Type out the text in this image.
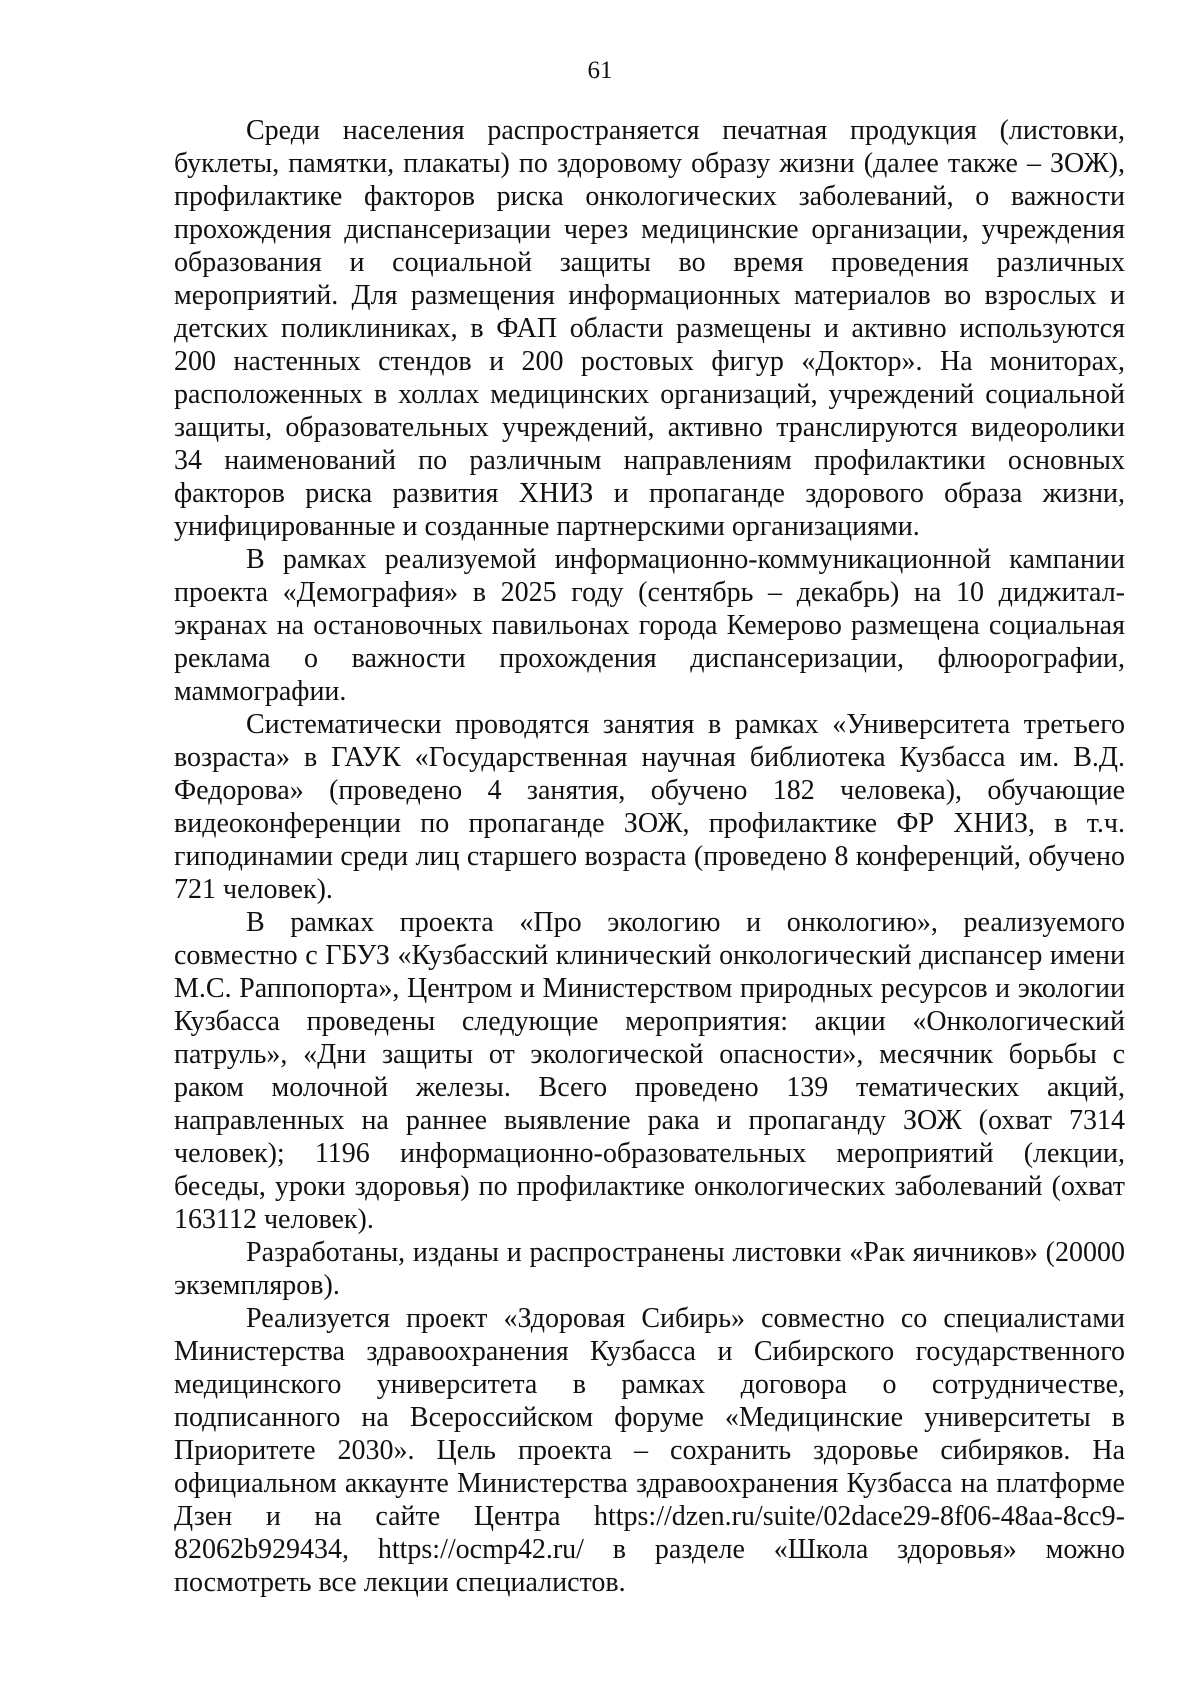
61

Среди населения распространяется печатная продукция (листовки, буклеты, памятки, плакаты) по здоровому образу жизни (далее также – ЗОЖ), профилактике факторов риска онкологических заболеваний, о важности прохождения диспансеризации через медицинские организации, учреждения образования и социальной защиты во время проведения различных мероприятий. Для размещения информационных материалов во взрослых и детских поликлиниках, в ФАП области размещены и активно используются 200 настенных стендов и 200 ростовых фигур «Доктор». На мониторах, расположенных в холлах медицинских организаций, учреждений социальной защиты, образовательных учреждений, активно транслируются видеоролики 34 наименований по различным направлениям профилактики основных факторов риска развития ХНИЗ и пропаганде здорового образа жизни, унифицированные и созданные партнерскими организациями.

В рамках реализуемой информационно-коммуникационной кампании проекта «Демография» в 2025 году (сентябрь – декабрь) на 10 диджитал-экранах на остановочных павильонах города Кемерово размещена социальная реклама о важности прохождения диспансеризации, флюорографии, маммографии.

Систематически проводятся занятия в рамках «Университета третьего возраста» в ГАУК «Государственная научная библиотека Кузбасса им. В.Д. Федорова» (проведено 4 занятия, обучено 182 человека), обучающие видеоконференции по пропаганде ЗОЖ, профилактике ФР ХНИЗ, в т.ч. гиподинамии среди лиц старшего возраста (проведено 8 конференций, обучено 721 человек).

В рамках проекта «Про экологию и онкологию», реализуемого совместно с ГБУЗ «Кузбасский клинический онкологический диспансер имени М.С. Раппопорта», Центром и Министерством природных ресурсов и экологии Кузбасса проведены следующие мероприятия: акции «Онкологический патруль», «Дни защиты от экологической опасности», месячник борьбы с раком молочной железы. Всего проведено 139 тематических акций, направленных на раннее выявление рака и пропаганду ЗОЖ (охват 7314 человек); 1196 информационно-образовательных мероприятий (лекции, беседы, уроки здоровья) по профилактике онкологических заболеваний (охват 163112 человек).

Разработаны, изданы и распространены листовки «Рак яичников» (20000 экземпляров).

Реализуется проект «Здоровая Сибирь» совместно со специалистами Министерства здравоохранения Кузбасса и Сибирского государственного медицинского университета в рамках договора о сотрудничестве, подписанного на Всероссийском форуме «Медицинские университеты в Приоритете 2030». Цель проекта – сохранить здоровье сибиряков. На официальном аккаунте Министерства здравоохранения Кузбасса на платформе Дзен и на сайте Центра https://dzen.ru/suite/02dace29-8f06-48aa-8cc9-82062b929434, https://ocmp42.ru/ в разделе «Школа здоровья» можно посмотреть все лекции специалистов.
